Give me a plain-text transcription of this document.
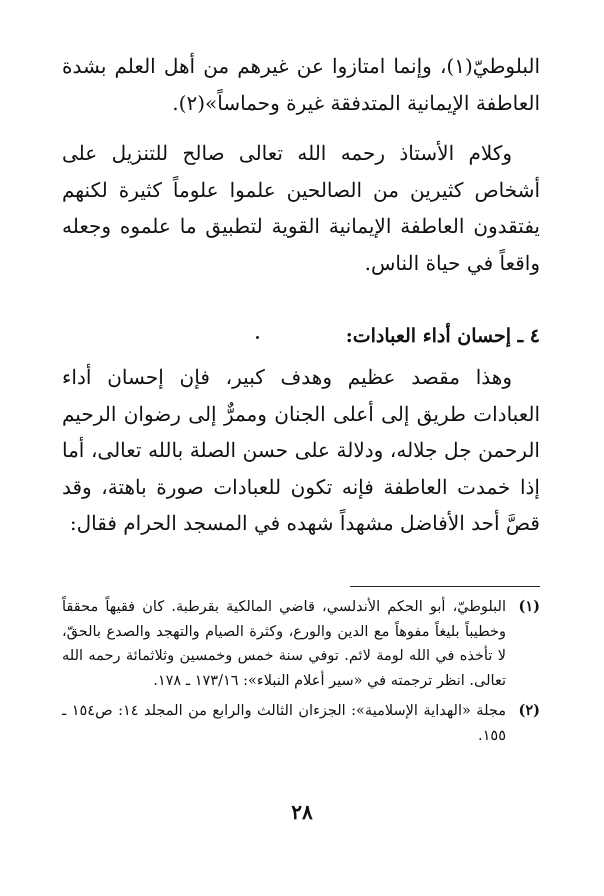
البلوطيّ(١)، وإنما امتازوا عن غيرهم من أهل العلم بشدة العاطفة الإيمانية المتدفقة غيرة وحماساً»(٢).

وكلام الأستاذ رحمه الله تعالى صالح للتنزيل على أشخاص كثيرين من الصالحين علموا علوماً كثيرة لكنهم يفتقدون العاطفة الإيمانية القوية لتطبيق ما علموه وجعله واقعاً في حياة الناس.

٤ ـ إحسان أداء العبادات:

وهذا مقصد عظيم وهدف كبير، فإن إحسان أداء العبادات طريق إلى أعلى الجنان وممرٌّ إلى رضوان الرحيم الرحمن جل جلاله، ودلالة على حسن الصلة بالله تعالى، أما إذا خمدت العاطفة فإنه تكون للعبادات صورة باهتة، وقد قصَّ أحد الأفاضل مشهداً شهده في المسجد الحرام فقال:

(١)
البلوطيّ، أبو الحكم الأندلسي، قاضي المالكية بقرطبة. كان فقيهاً محققاً وخطيباً بليغاً مفوهاً مع الدين والورع، وكثرة الصيام والتهجد والصدع بالحقّ، لا تأخذه في الله لومة لائم. توفي سنة خمس وخمسين وثلاثمائة رحمه الله تعالى. انظر ترجمته في «سير أعلام النبلاء»: ١٧٣/١٦ ـ ١٧٨.

(٢)
مجلة «الهداية الإسلامية»: الجزءان الثالث والرابع من المجلد ١٤: ص١٥٤ ـ ١٥٥.

٢٨
